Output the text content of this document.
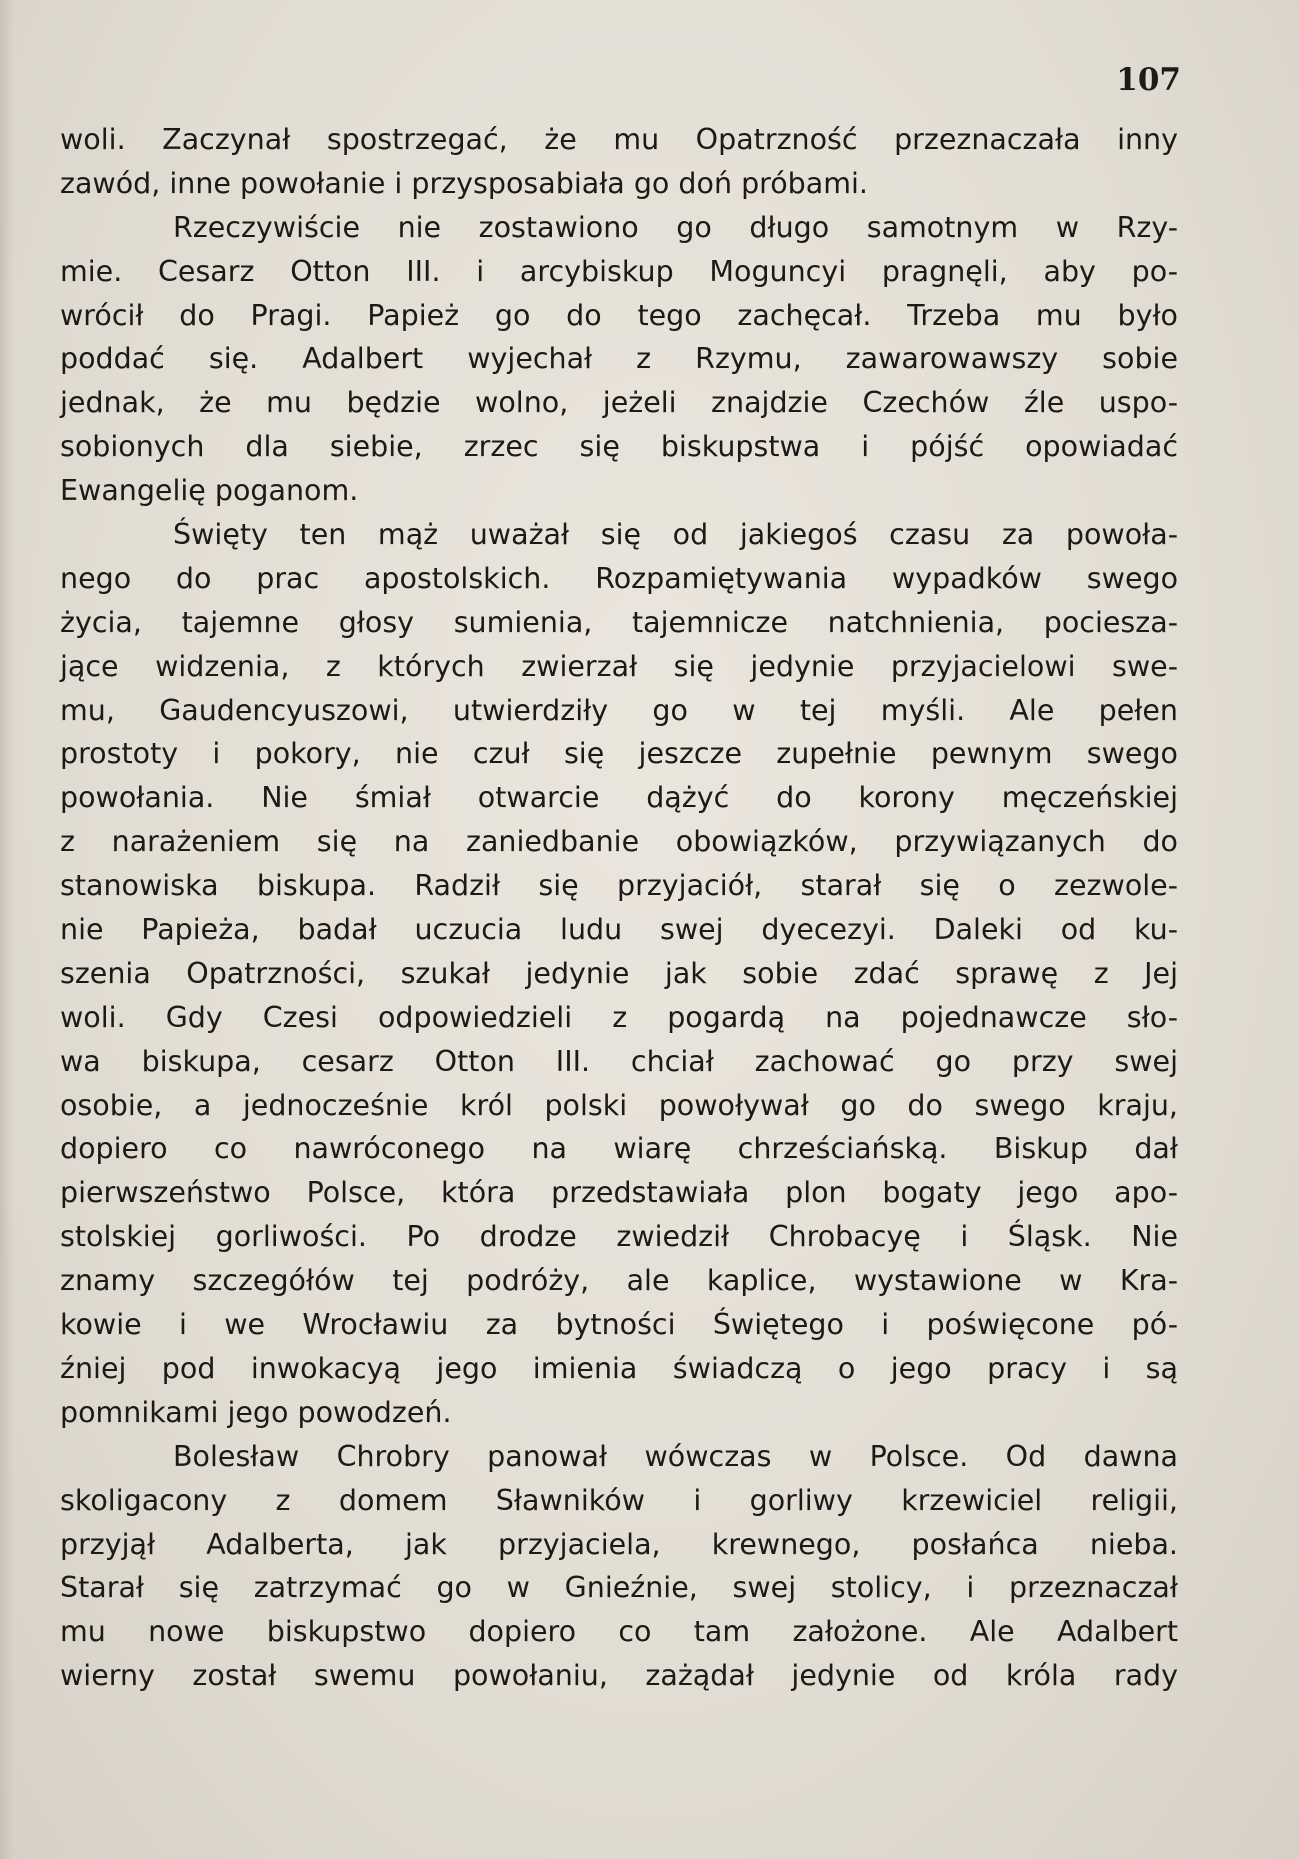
107

woli. Zaczynał spostrzegać, że mu Opatrzność przeznaczała inny

zawód, inne powołanie i przysposabiała go doń próbami.

Rzeczywiście nie zostawiono go długo samotnym w Rzy-

mie. Cesarz Otton III. i arcybiskup Moguncyi pragnęli, aby po-

wrócił do Pragi. Papież go do tego zachęcał. Trzeba mu było

poddać się. Adalbert wyjechał z Rzymu, zawarowawszy sobie

jednak, że mu będzie wolno, jeżeli znajdzie Czechów źle uspo-

sobionych dla siebie, zrzec się biskupstwa i pójść opowiadać

Ewangelię poganom.

Święty ten mąż uważał się od jakiegoś czasu za powoła-

nego do prac apostolskich. Rozpamiętywania wypadków swego

życia, tajemne głosy sumienia, tajemnicze natchnienia, pociesza-

jące widzenia, z których zwierzał się jedynie przyjacielowi swe-

mu, Gaudencyuszowi, utwierdziły go w tej myśli. Ale pełen

prostoty i pokory, nie czuł się jeszcze zupełnie pewnym swego

powołania. Nie śmiał otwarcie dążyć do korony męczeńskiej

z narażeniem się na zaniedbanie obowiązków, przywiązanych do

stanowiska biskupa. Radził się przyjaciół, starał się o zezwole-

nie Papieża, badał uczucia ludu swej dyecezyi. Daleki od ku-

szenia Opatrzności, szukał jedynie jak sobie zdać sprawę z Jej

woli. Gdy Czesi odpowiedzieli z pogardą na pojednawcze sło-

wa biskupa, cesarz Otton III. chciał zachować go przy swej

osobie, a jednocześnie król polski powoływał go do swego kraju,

dopiero co nawróconego na wiarę chrześciańską. Biskup dał

pierwszeństwo Polsce, która przedstawiała plon bogaty jego apo-

stolskiej gorliwości. Po drodze zwiedził Chrobacyę i Śląsk. Nie

znamy szczegółów tej podróży, ale kaplice, wystawione w Kra-

kowie i we Wrocławiu za bytności Świętego i poświęcone pó-

źniej pod inwokacyą jego imienia świadczą o jego pracy i są

pomnikami jego powodzeń.

Bolesław Chrobry panował wówczas w Polsce. Od dawna

skoligacony z domem Sławników i gorliwy krzewiciel religii,

przyjął Adalberta, jak przyjaciela, krewnego, posłańca nieba.

Starał się zatrzymać go w Gnieźnie, swej stolicy, i przeznaczał

mu nowe biskupstwo dopiero co tam założone. Ale Adalbert

wierny został swemu powołaniu, zażądał jedynie od króla rady
